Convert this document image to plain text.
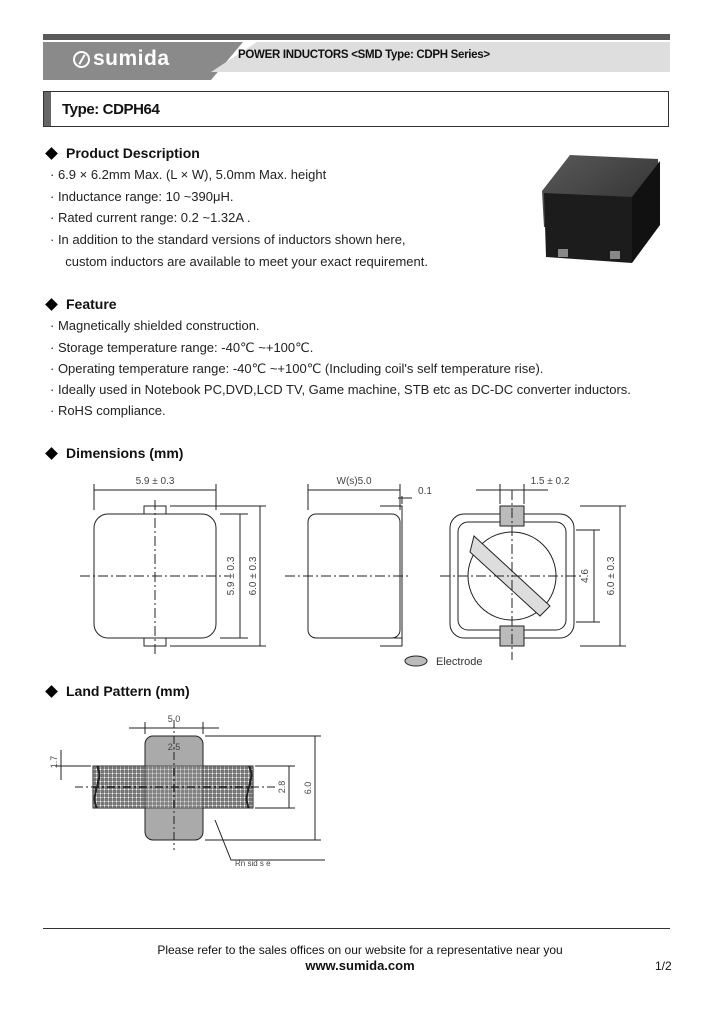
sumida	POWER INDUCTORS <SMD Type: CDPH Series>
Type: CDPH64
Product Description
· 6.9 × 6.2mm Max. (L × W), 5.0mm Max. height
· Inductance range: 10 ~390μH.
· Rated current range: 0.2 ~1.32A .
· In addition to the standard versions of inductors shown here,
custom inductors are available to meet your exact requirement.
Feature
· Magnetically shielded construction.
· Storage temperature range: -40℃ ~+100℃.
· Operating temperature range: -40℃ ~+100℃ (Including coil's self temperature rise).
· Ideally used in Notebook PC,DVD,LCD TV, Game machine, STB etc as DC-DC converter inductors.
· RoHS compliance.
Dimensions (mm)
5.9 ± 0.3
5.9 ± 0.3 6.0 ± 0.3
W(s)5.0
0.1
1.5 ± 0.2
4.6 6.0 ± 0.3
Electrode
Land Pattern (mm)
5.0
2.5
1.7
2.8 6.0
Rn sid s e
Please refer to the sales offices on our website for a representative near you
www.sumida.com	1/2
